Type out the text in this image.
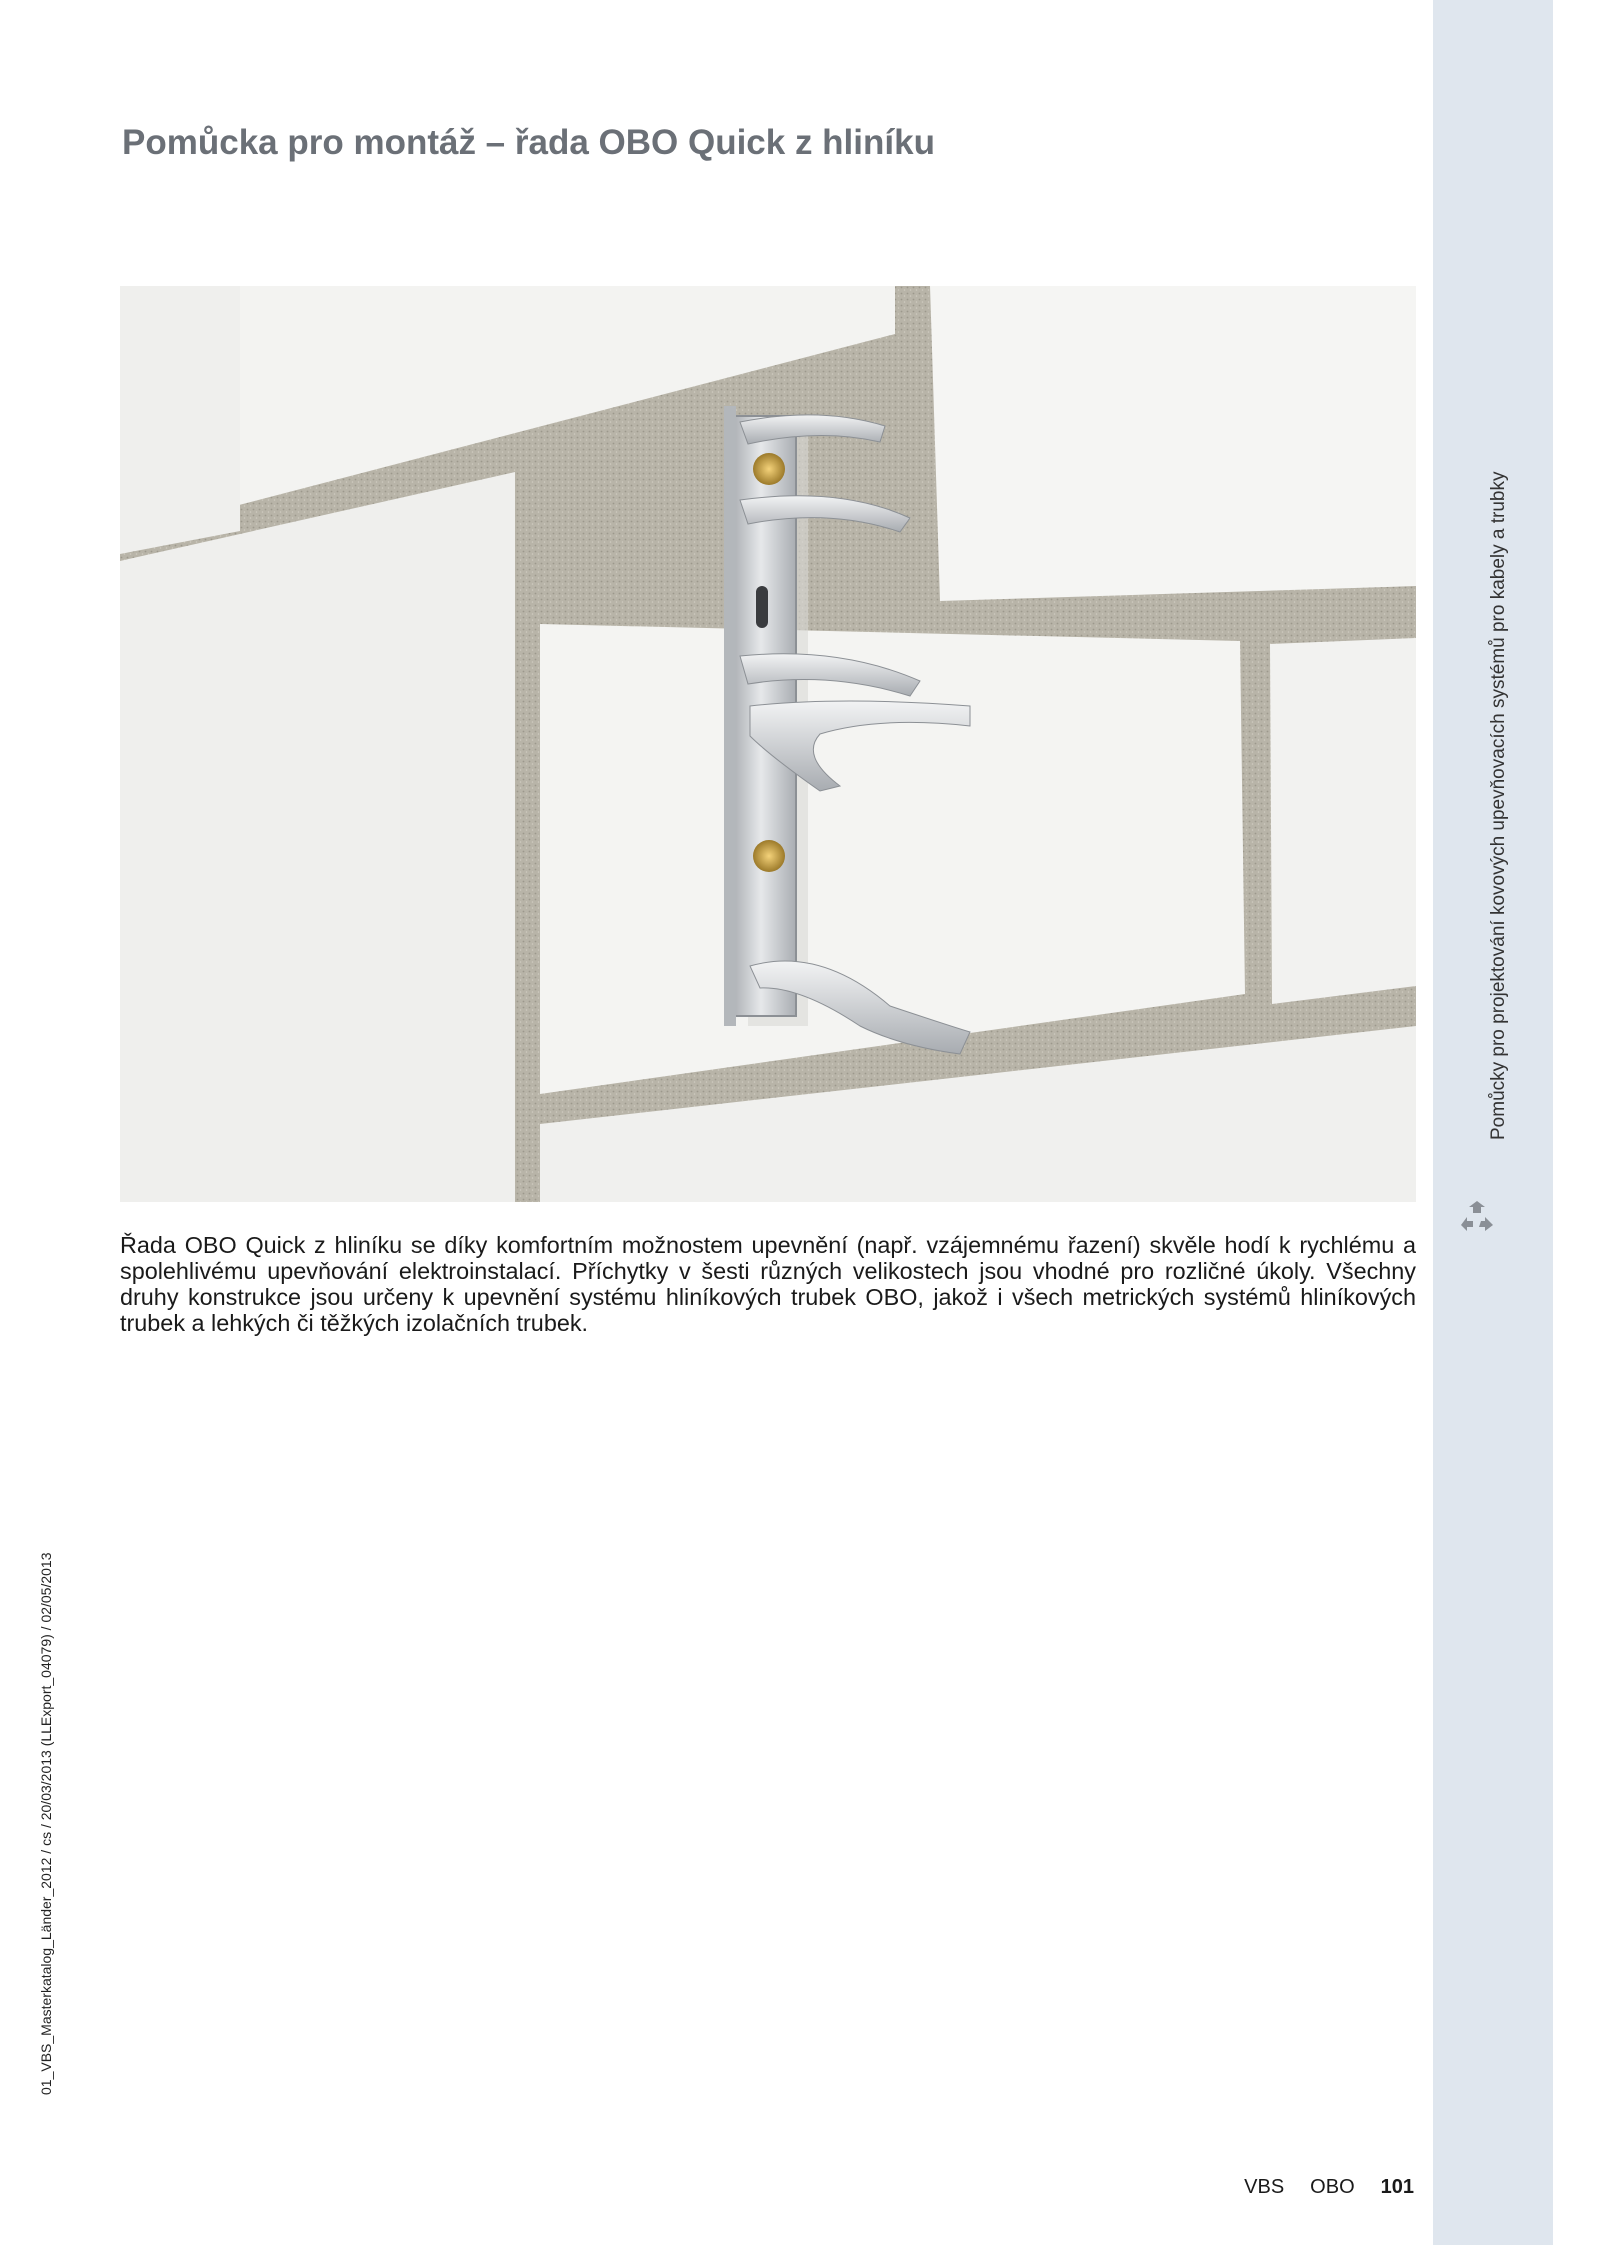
Pomůcky pro projektování kovových upevňovacích systémů pro kabely a trubky
Pomůcka pro montáž – řada OBO Quick z hliníku

Řada OBO Quick z hliníku se díky komfortním možnostem upevnění (např. vzájemnému řazení) skvěle hodí k rychlému a spolehlivému upevňování elektroinstalací. Příchytky v šesti různých velikostech jsou vhodné pro rozličné úkoly. Všechny druhy konstrukce jsou určeny k upevnění systému hliníkových trubek OBO, jakož i všech metrických systémů hliníkových trubek a lehkých či těžkých izolačních trubek.

01_VBS_Masterkatalog_Länder_2012 / cs / 20/03/2013 (LLExport_04079) / 02/05/2013
VBS OBO 101
